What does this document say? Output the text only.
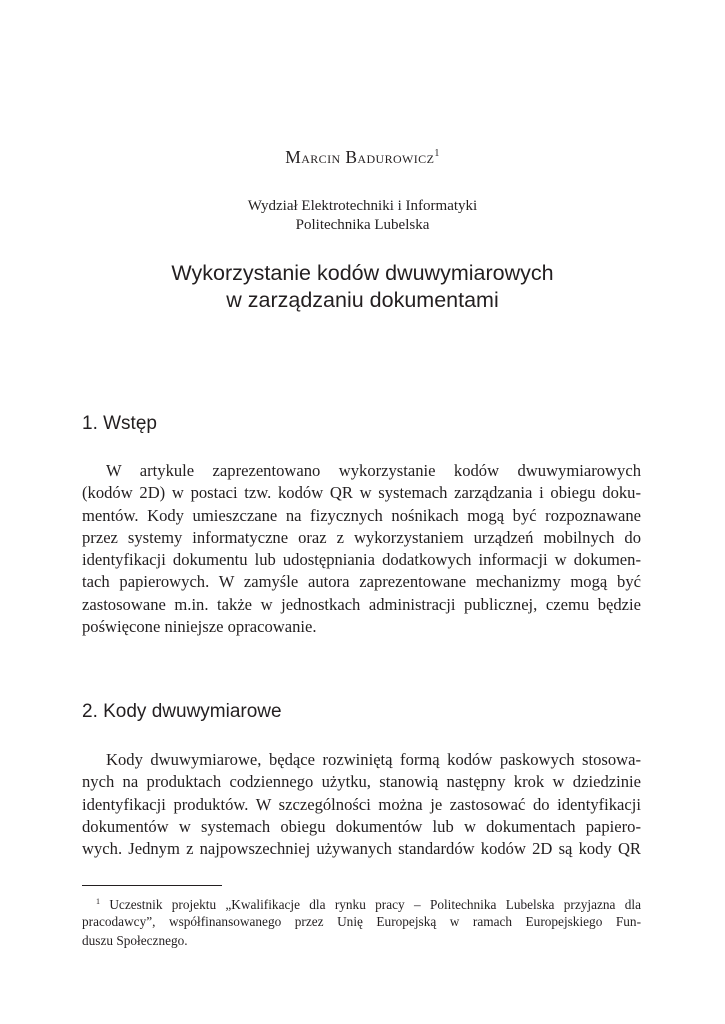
Marcin Badurowicz$^1$
Wydział Elektrotechniki i Informatyki
Politechnika Lubelska
Wykorzystanie kodów dwuwymiarowych
w zarządzaniu dokumentami
1. Wstęp
W artykule zaprezentowano wykorzystanie kodów dwuwymiarowych
(kodów 2D) w postaci tzw. kodów QR w systemach zarządzania i obiegu doku-
mentów. Kody umieszczane na fizycznych nośnikach mogą być rozpoznawane
przez systemy informatyczne oraz z wykorzystaniem urządzeń mobilnych do
identyfikacji dokumentu lub udostępniania dodatkowych informacji w dokumen-
tach papierowych. W zamyśle autora zaprezentowane mechanizmy mogą być
zastosowane m.in. także w jednostkach administracji publicznej, czemu będzie
poświęcone niniejsze opracowanie.
2. Kody dwuwymiarowe
Kody dwuwymiarowe, będące rozwiniętą formą kodów paskowych stosowa-
nych na produktach codziennego użytku, stanowią następny krok w dziedzinie
identyfikacji produktów. W szczególności można je zastosować do identyfikacji
dokumentów w systemach obiegu dokumentów lub w dokumentach papiero-
wych. Jednym z najpowszechniej używanych standardów kodów 2D są kody QR
$^1$ Uczestnik projektu „Kwalifikacje dla rynku pracy – Politechnika Lubelska przyjazna dla
pracodawcy”, współfinansowanego przez Unię Europejską w ramach Europejskiego Fun-
duszu Społecznego.
